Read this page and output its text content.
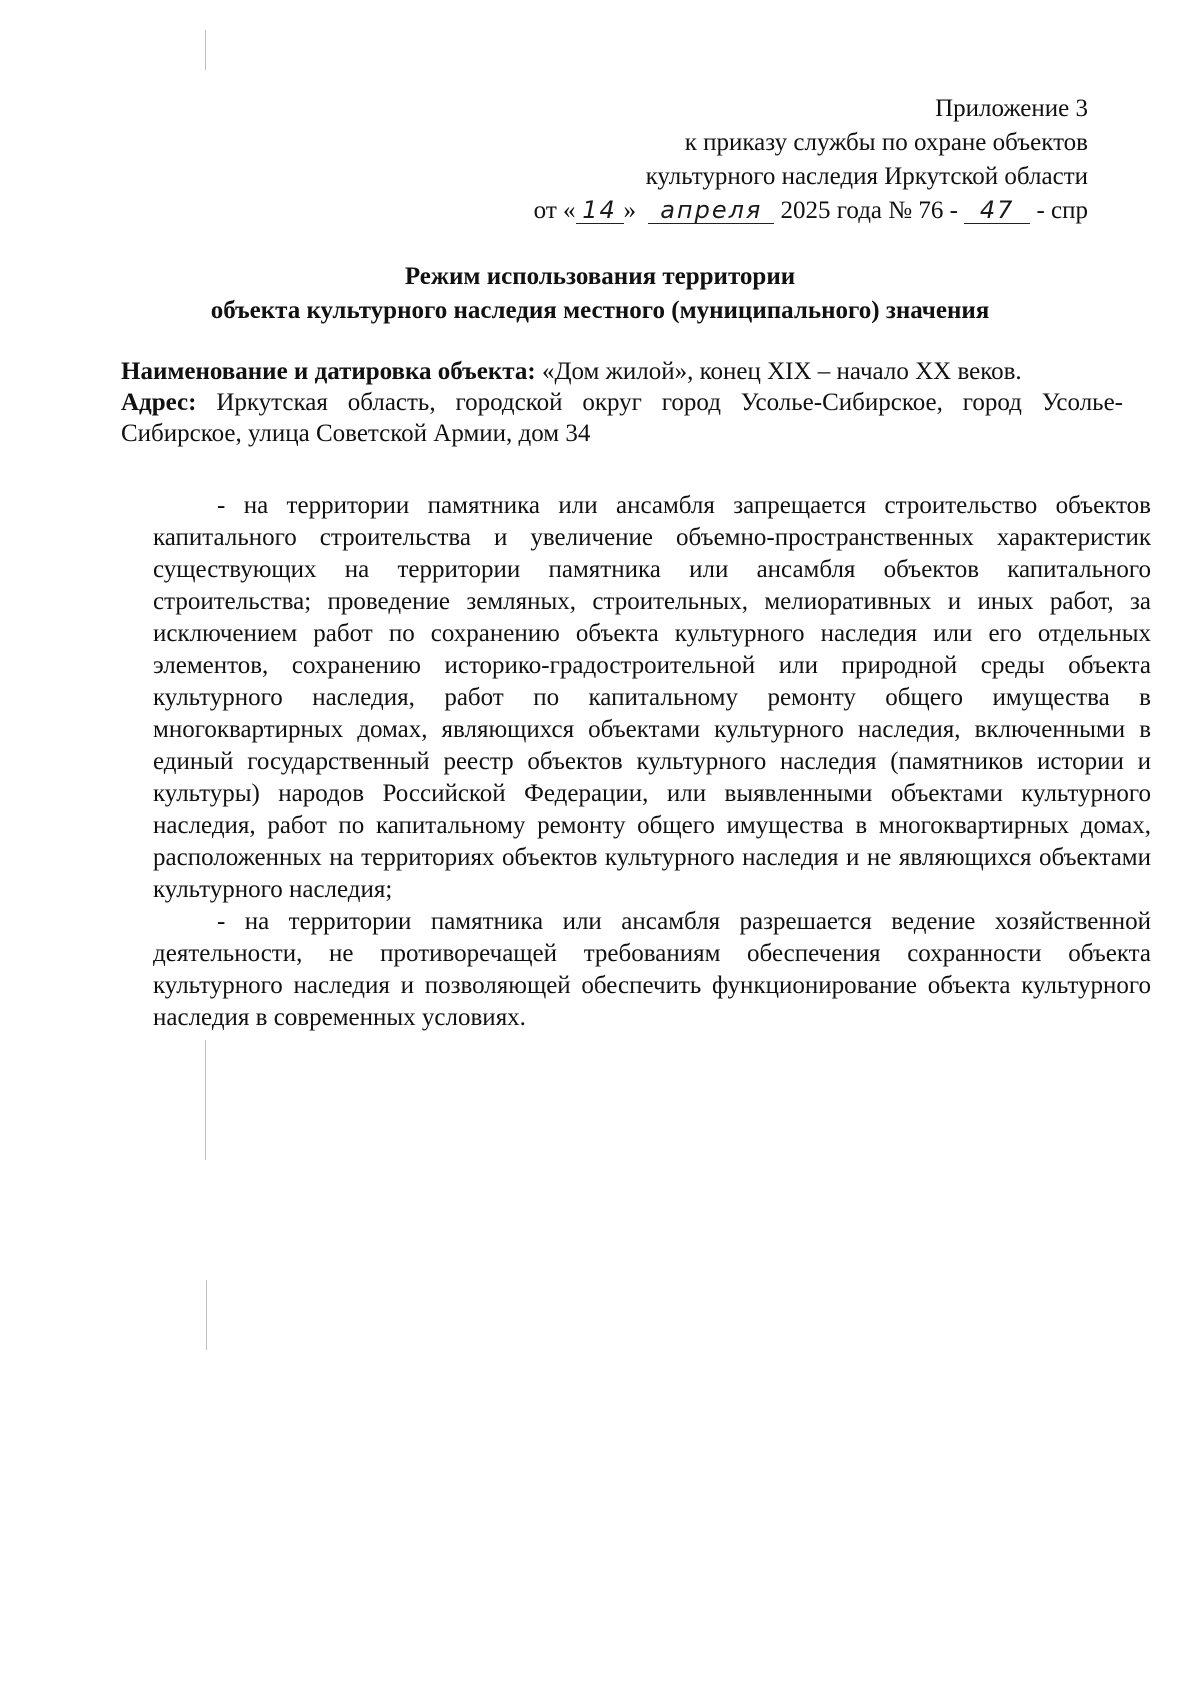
Приложение 3
к приказу службы по охране объектов
культурного наследия Иркутской области
от « 14 » апреля 2025 года № 76 - 47 - спр
Режим использования территории
объекта культурного наследия местного (муниципального) значения

Наименование и датировка объекта: «Дом жилой», конец XIX – начало XX веков.

Адрес: Иркутская область, городской округ город Усолье-Сибирское, город Усолье-Сибирское, улица Советской Армии, дом 34

- на территории памятника или ансамбля запрещается строительство объектов капитального строительства и увеличение объемно-пространственных характеристик существующих на территории памятника или ансамбля объектов капитального строительства; проведение земляных, строительных, мелиоративных и иных работ, за исключением работ по сохранению объекта культурного наследия или его отдельных элементов, сохранению историко-градостроительной или природной среды объекта культурного наследия, работ по капитальному ремонту общего имущества в многоквартирных домах, являющихся объектами культурного наследия, включенными в единый государственный реестр объектов культурного наследия (памятников истории и культуры) народов Российской Федерации, или выявленными объектами культурного наследия, работ по капитальному ремонту общего имущества в многоквартирных домах, расположенных на территориях объектов культурного наследия и не являющихся объектами культурного наследия;

- на территории памятника или ансамбля разрешается ведение хозяйственной деятельности, не противоречащей требованиям обеспечения сохранности объекта культурного наследия и позволяющей обеспечить функционирование объекта культурного наследия в современных условиях.
